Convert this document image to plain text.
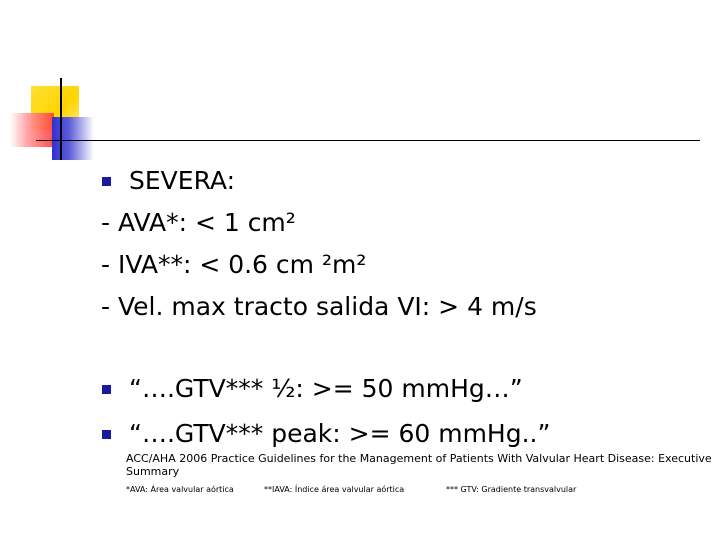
SEVERA:
- AVA*: < 1 cm²
- IVA**: < 0.6 cm ²m²
- Vel. max tracto salida VI: > 4 m/s
“….GTV*** ½: >= 50 mmHg…”
“….GTV*** peak: >= 60 mmHg..”
ACC/AHA 2006 Practice Guidelines for the Management of Patients With Valvular Heart Disease: Executive Summary
*AVA: Área valvular aórtica	**IAVA: Índice área valvular aórtica	*** GTV: Gradiente transvalvular
